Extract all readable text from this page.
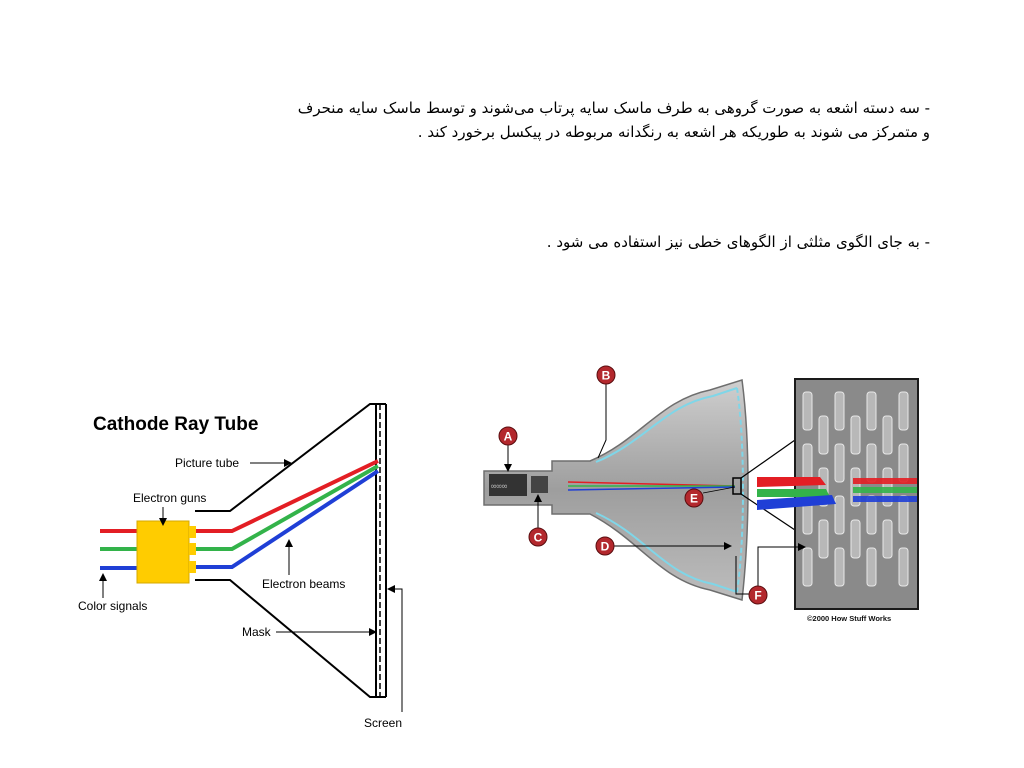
- سه دسته اشعه به صورت گروهی به طرف ماسک سایه پرتاب می‌شوند و توسط ماسک سایه منحرف
و متمرکز می شوند به طوریکه هر اشعه به رنگدانه مربوطه در پیکسل برخورد کند .
- به جای الگوی مثلثی از الگوهای خطی نیز استفاده می شود .
Cathode Ray Tube
Picture tube
Electron guns
Color signals
Electron beams
Mask
Screen
∞∞∞
©2000 How Stuff Works
A
B
C
D
E
F
